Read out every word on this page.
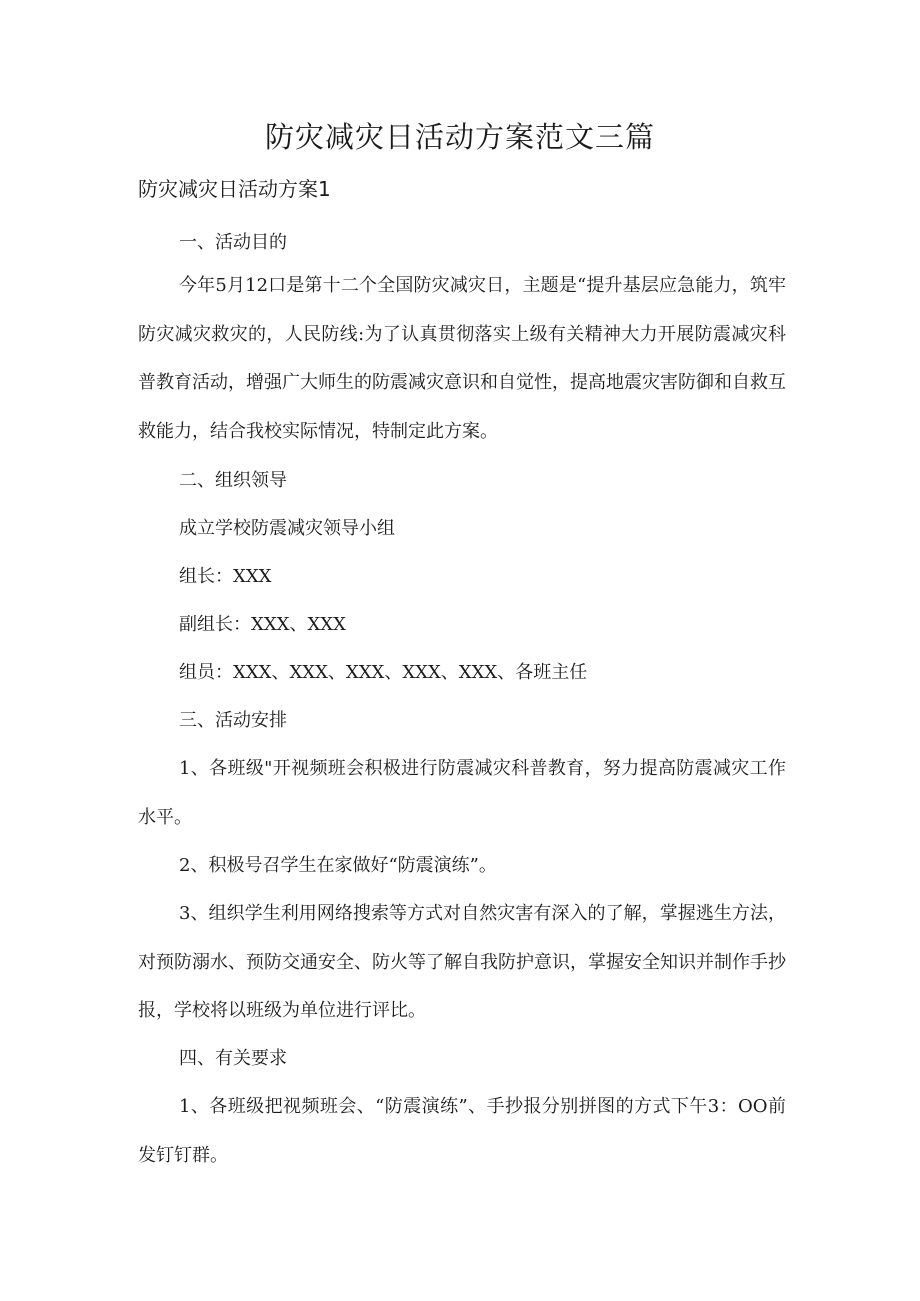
防灾减灾日活动方案范文三篇
防灾减灾日活动方案1

一、活动目的

今年5月12口是第十二个全国防灾减灾日，主题是“提升基层应急能力，筑牢防灾减灾救灾的，人民防线:为了认真贯彻落实上级有关精神大力开展防震减灾科普教育活动，增强广大师生的防震减灾意识和自觉性，提高地震灾害防御和自救互救能力，结合我校实际情况，特制定此方案。

二、组织领导

成立学校防震减灾领导小组

组长：XXX

副组长：XXX、XXX

组员：XXX、XXX、XXX、XXX、XXX、各班主任

三、活动安排

1、各班级"开视频班会积极进行防震减灾科普教育，努力提高防震减灾工作水平。

2、积极号召学生在家做好“防震演练”。

3、组织学生利用网络搜索等方式对自然灾害有深入的了解，掌握逃生方法，对预防溺水、预防交通安全、防火等了解自我防护意识，掌握安全知识并制作手抄报，学校将以班级为单位进行评比。

四、有关要求

1、各班级把视频班会、“防震演练”、手抄报分别拼图的方式下午3：OO前发钉钉群。
